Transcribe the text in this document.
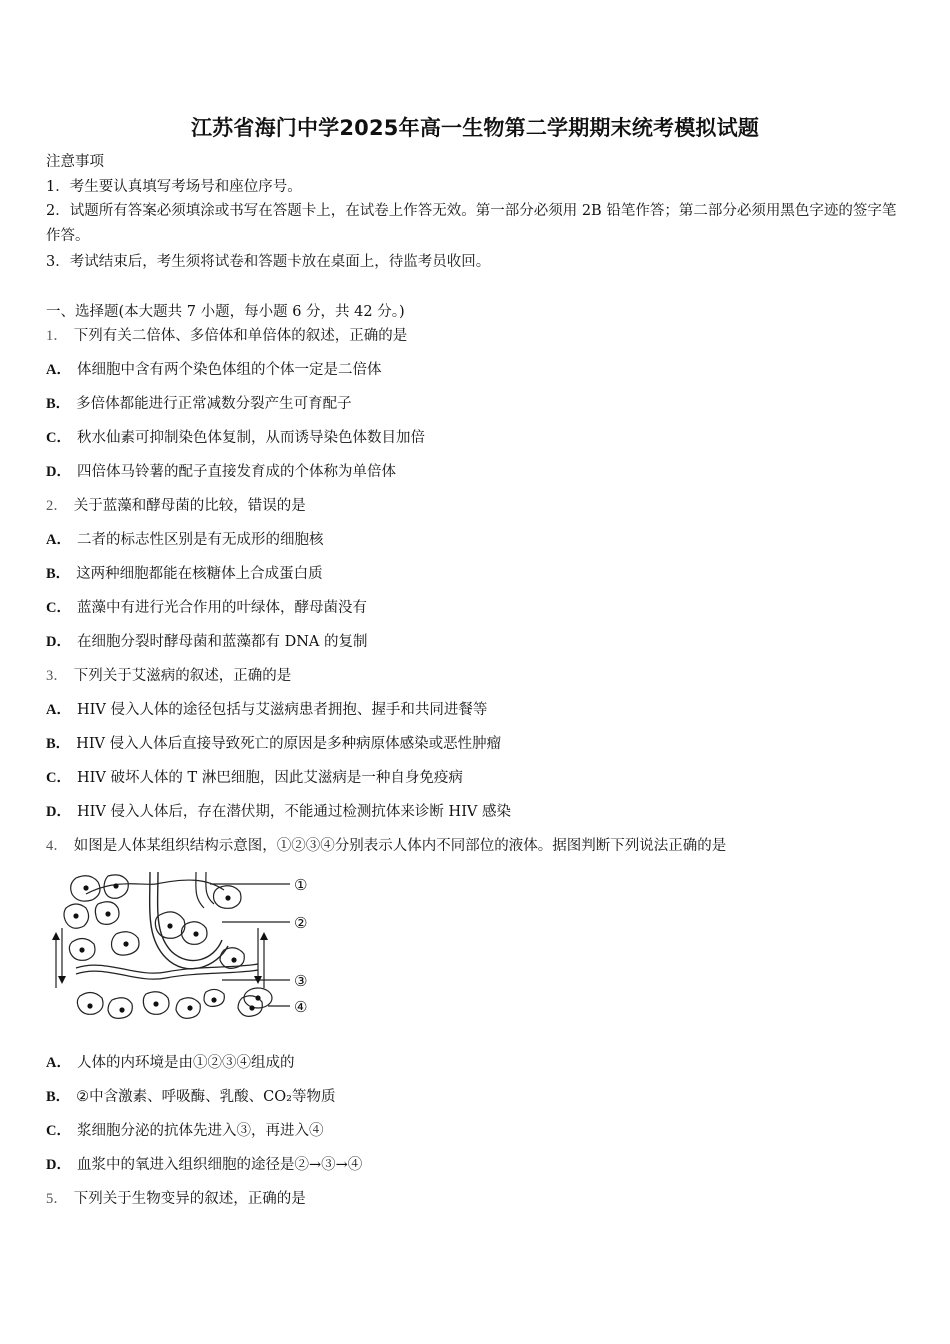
江苏省海门中学2025年高一生物第二学期期末统考模拟试题
注意事项
1．考生要认真填写考场号和座位序号。
2．试题所有答案必须填涂或书写在答题卡上，在试卷上作答无效。第一部分必须用 2B 铅笔作答；第二部分必须用黑色字迹的签字笔作答。
3．考试结束后，考生须将试卷和答题卡放在桌面上，待监考员收回。
一、选择题(本大题共 7 小题，每小题 6 分，共 42 分。)
1． 下列有关二倍体、多倍体和单倍体的叙述，正确的是
A． 体细胞中含有两个染色体组的个体一定是二倍体
B． 多倍体都能进行正常减数分裂产生可育配子
C． 秋水仙素可抑制染色体复制，从而诱导染色体数目加倍
D． 四倍体马铃薯的配子直接发育成的个体称为单倍体
2． 关于蓝藻和酵母菌的比较，错误的是
A． 二者的标志性区别是有无成形的细胞核
B． 这两种细胞都能在核糖体上合成蛋白质
C． 蓝藻中有进行光合作用的叶绿体，酵母菌没有
D． 在细胞分裂时酵母菌和蓝藻都有 DNA 的复制
3． 下列关于艾滋病的叙述，正确的是
A． HIV 侵入人体的途径包括与艾滋病患者拥抱、握手和共同进餐等
B． HIV 侵入人体后直接导致死亡的原因是多种病原体感染或恶性肿瘤
C． HIV 破坏人体的 T 淋巴细胞，因此艾滋病是一种自身免疫病
D． HIV 侵入人体后，存在潜伏期，不能通过检测抗体来诊断 HIV 感染
4． 如图是人体某组织结构示意图，①②③④分别表示人体内不同部位的液体。据图判断下列说法正确的是
①
②
③
④
A． 人体的内环境是由①②③④组成的
B． ②中含激素、呼吸酶、乳酸、CO₂等物质
C． 浆细胞分泌的抗体先进入③，再进入④
D． 血浆中的氧进入组织细胞的途径是②→③→④
5． 下列关于生物变异的叙述，正确的是
